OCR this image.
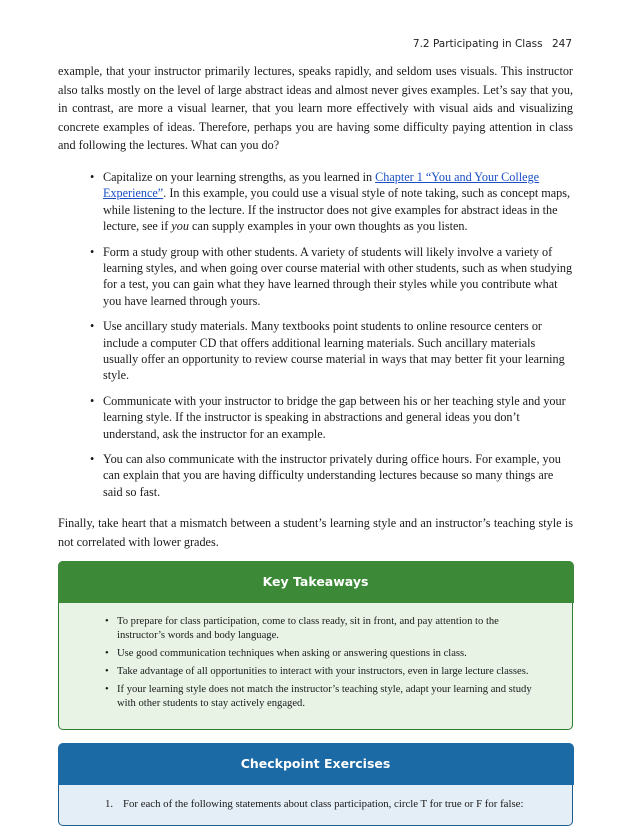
7.2 Participating in Class 247

example, that your instructor primarily lectures, speaks rapidly, and seldom uses visuals. This instructor also talks mostly on the level of large abstract ideas and almost never gives examples. Let’s say that you, in contrast, are more a visual learner, that you learn more effectively with visual aids and visualizing concrete examples of ideas. Therefore, perhaps you are having some difficulty paying attention in class and following the lectures. What can you do?

• Capitalize on your learning strengths, as you learned in Chapter 1 “You and Your College Experience”. In this example, you could use a visual style of note taking, such as concept maps, while listening to the lecture. If the instructor does not give examples for abstract ideas in the lecture, see if you can supply examples in your own thoughts as you listen.
• Form a study group with other students. A variety of students will likely involve a variety of learning styles, and when going over course material with other students, such as when studying for a test, you can gain what they have learned through their styles while you contribute what you have learned through yours.
• Use ancillary study materials. Many textbooks point students to online resource centers or include a computer CD that offers additional learning materials. Such ancillary materials usually offer an opportunity to review course material in ways that may better fit your learning style.
• Communicate with your instructor to bridge the gap between his or her teaching style and your learning style. If the instructor is speaking in abstractions and general ideas you don’t understand, ask the instructor for an example.
• You can also communicate with the instructor privately during office hours. For example, you can explain that you are having difficulty understanding lectures because so many things are said so fast.

Finally, take heart that a mismatch between a student’s learning style and an instructor’s teaching style is not correlated with lower grades.

Key Takeaways
• To prepare for class participation, come to class ready, sit in front, and pay attention to the instructor’s words and body language.
• Use good communication techniques when asking or answering questions in class.
• Take advantage of all opportunities to interact with your instructors, even in large lecture classes.
• If your learning style does not match the instructor’s teaching style, adapt your learning and study with other students to stay actively engaged.
Checkpoint Exercises
1. For each of the following statements about class participation, circle T for true or F for false:
